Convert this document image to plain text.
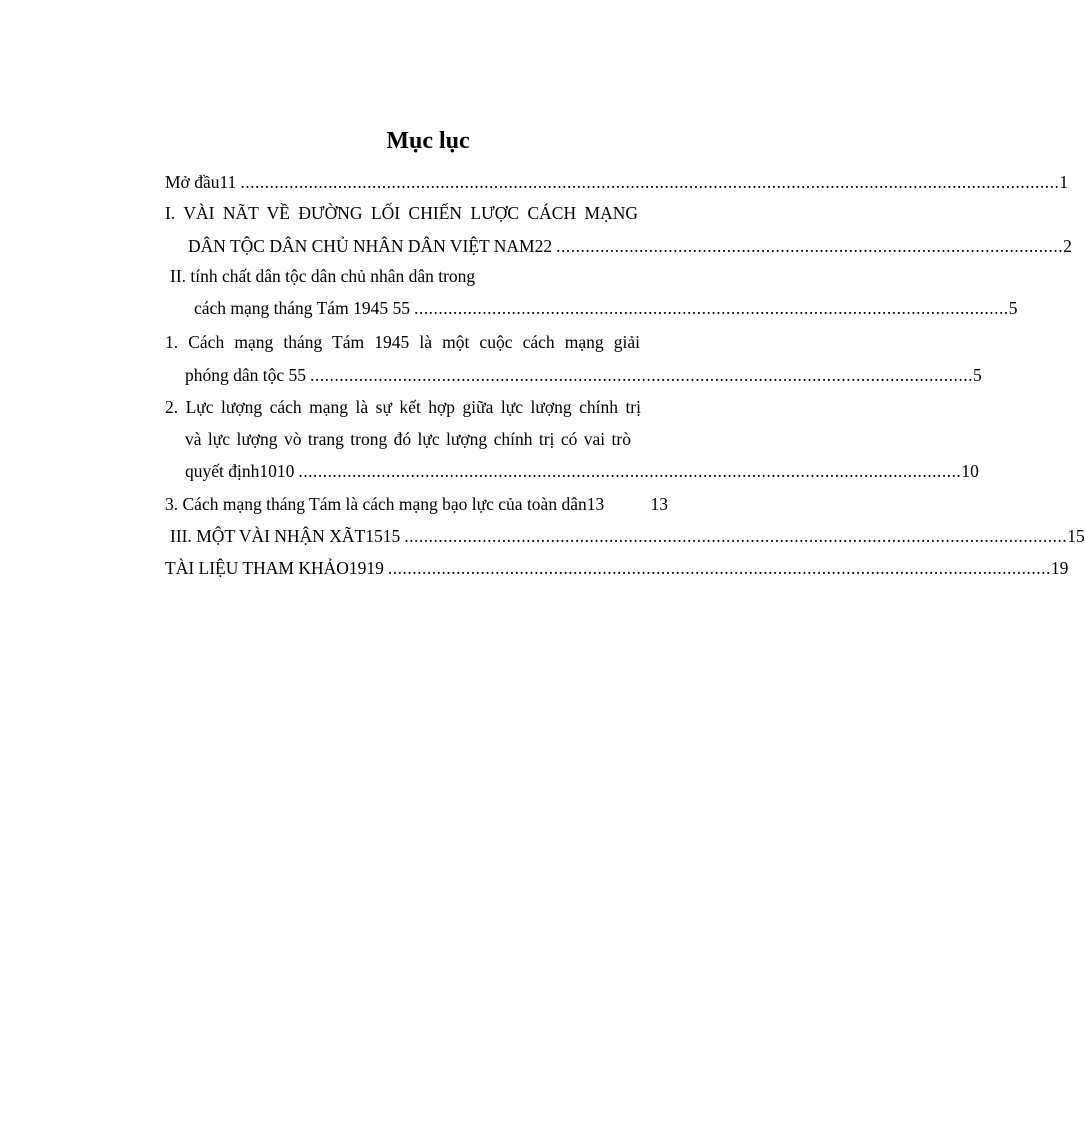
Mục lục
Mở đầu11 ........................................................................................................................................................................ 1
I. VÀI NÃT VỀ ĐƯỜNG LỐI CHIẾN LƯỢC CÁCH MẠNG
DÂN TỘC DÂN CHỦ NHÂN DÂN VIỆT NAM22 ........................................................................................................ 2
II. tính chất dân tộc dân chủ nhân dân trong
cách mạng tháng Tám 1945 55 .......................................................................................................................... 5
1. Cách mạng tháng Tám 1945 là một cuộc cách mạng giải
phóng dân tộc 55 ........................................................................................................................................ 5
2. Lực lượng cách mạng là sự kết hợp giữa lực lượng chính trị
và lực lượng vò trang trong đó lực lượng chính trị có vai trò
quyết định1010 ........................................................................................................................................ 10
3. Cách mạng tháng Tám là cách mạng bạo lực của toàn dân13	13
III. MỘT VÀI NHẬN XÃT1515 ........................................................................................................................................ 15
TÀI LIỆU THAM KHẢO1919 ........................................................................................................................................ 19
